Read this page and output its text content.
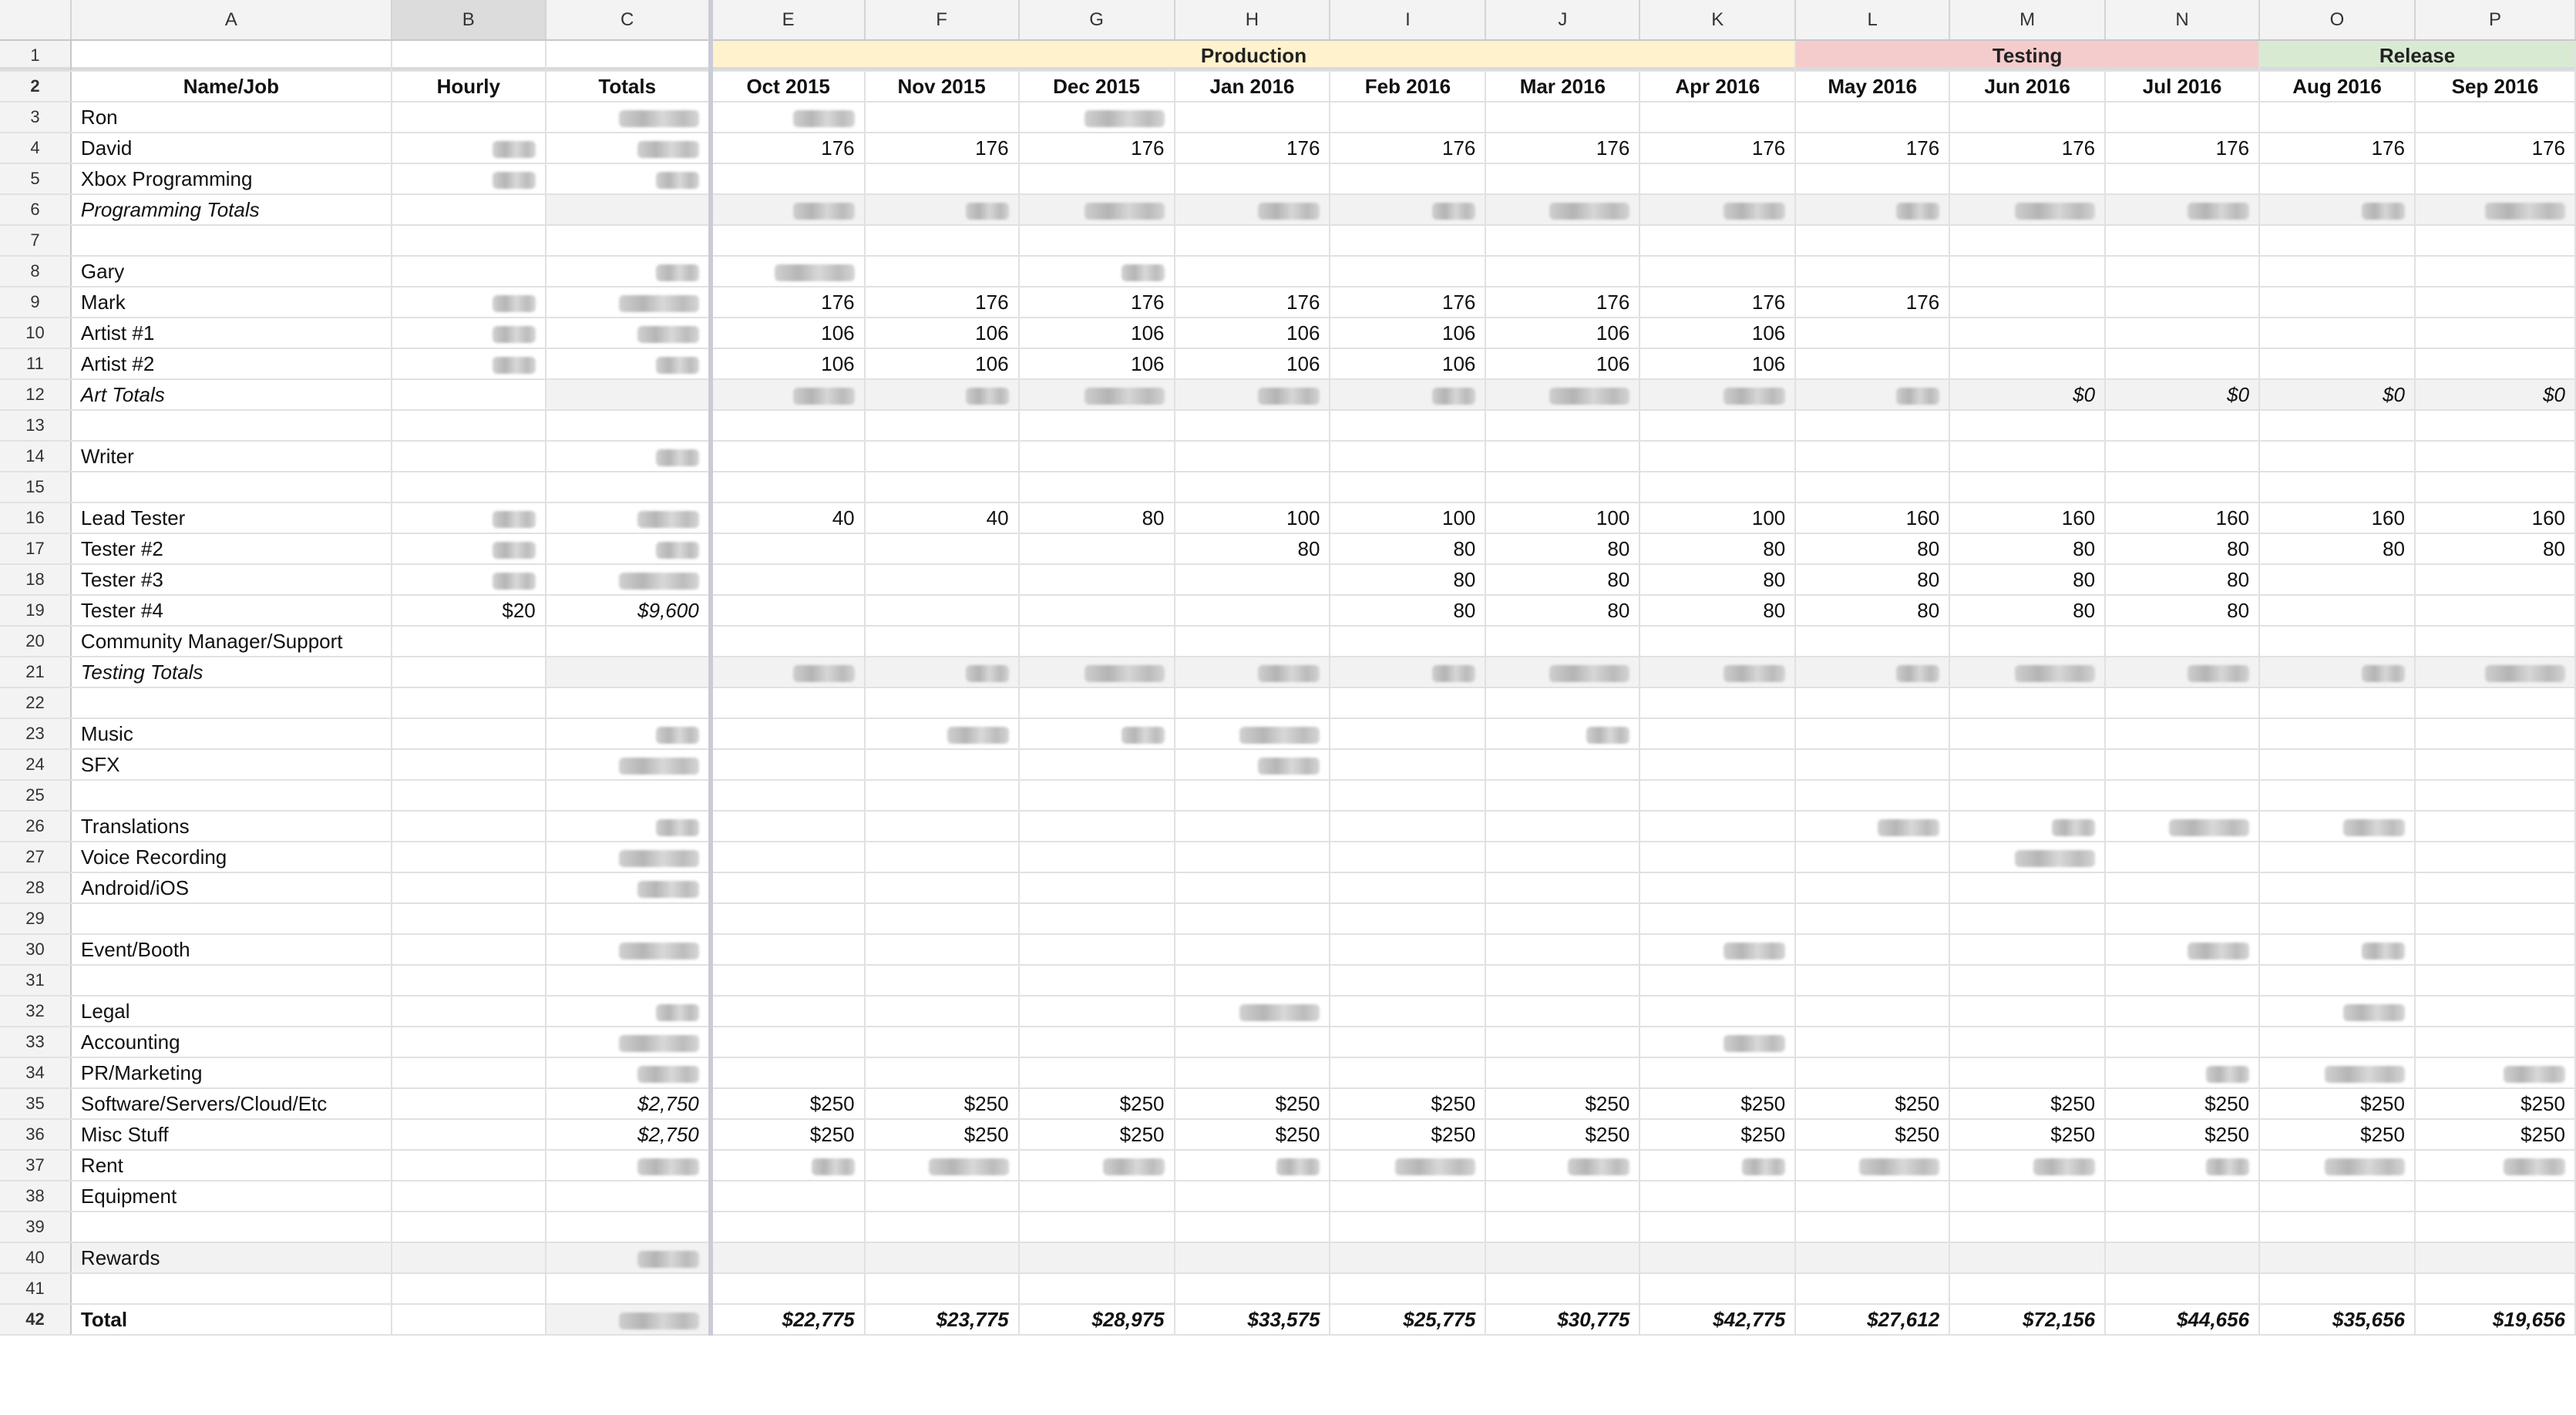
	A	B	C	E	F	G	H	I	J	K	L	M	N	O	P
1				Production							Testing			Release	
2	Name/Job	Hourly	Totals	Oct 2015	Nov 2015	Dec 2015	Jan 2016	Feb 2016	Mar 2016	Apr 2016	May 2016	Jun 2016	Jul 2016	Aug 2016	Sep 2016
3	Ron														
4	David			176	176	176	176	176	176	176	176	176	176	176	176
5	Xbox Programming														
6	Programming Totals														
7															
8	Gary														
9	Mark			176	176	176	176	176	176	176	176				
10	Artist #1			106	106	106	106	106	106	106					
11	Artist #2			106	106	106	106	106	106	106					
12	Art Totals											$0	$0	$0	$0
13															
14	Writer														
15															
16	Lead Tester			40	40	80	100	100	100	100	160	160	160	160	160
17	Tester #2						80	80	80	80	80	80	80	80	80
18	Tester #3							80	80	80	80	80	80		
19	Tester #4	$20	$9,600					80	80	80	80	80	80		
20	Community Manager/Support														
21	Testing Totals														
22															
23	Music														
24	SFX														
25															
26	Translations														
27	Voice Recording														
28	Android/iOS														
29															
30	Event/Booth														
31															
32	Legal														
33	Accounting														
34	PR/Marketing														
35	Software/Servers/Cloud/Etc		$2,750	$250	$250	$250	$250	$250	$250	$250	$250	$250	$250	$250	$250
36	Misc Stuff		$2,750	$250	$250	$250	$250	$250	$250	$250	$250	$250	$250	$250	$250
37	Rent														
38	Equipment														
39															
40	Rewards														
41															
42	Total			$22,775	$23,775	$28,975	$33,575	$25,775	$30,775	$42,775	$27,612	$72,156	$44,656	$35,656	$19,656
